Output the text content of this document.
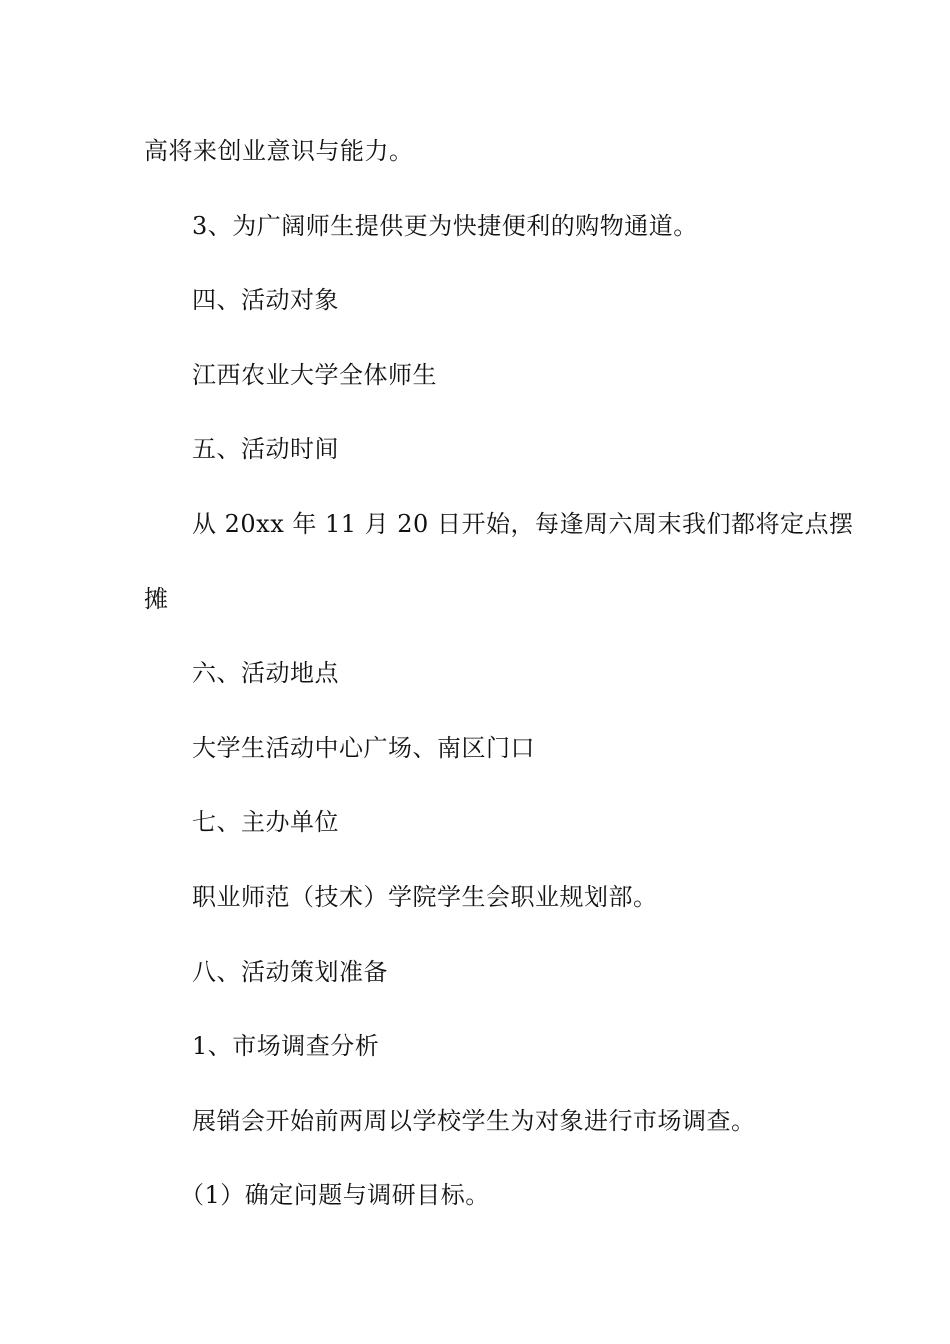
高将来创业意识与能力。
3、为广阔师生提供更为快捷便利的购物通道。
四、活动对象
江西农业大学全体师生
五、活动时间
从 20xx 年 11 月 20 日开始，每逢周六周末我们都将定点摆
摊
六、活动地点
大学生活动中心广场、南区门口
七、主办单位
职业师范（技术）学院学生会职业规划部。
八、活动策划准备
1、市场调查分析
展销会开始前两周以学校学生为对象进行市场调查。
（1）确定问题与调研目标。
